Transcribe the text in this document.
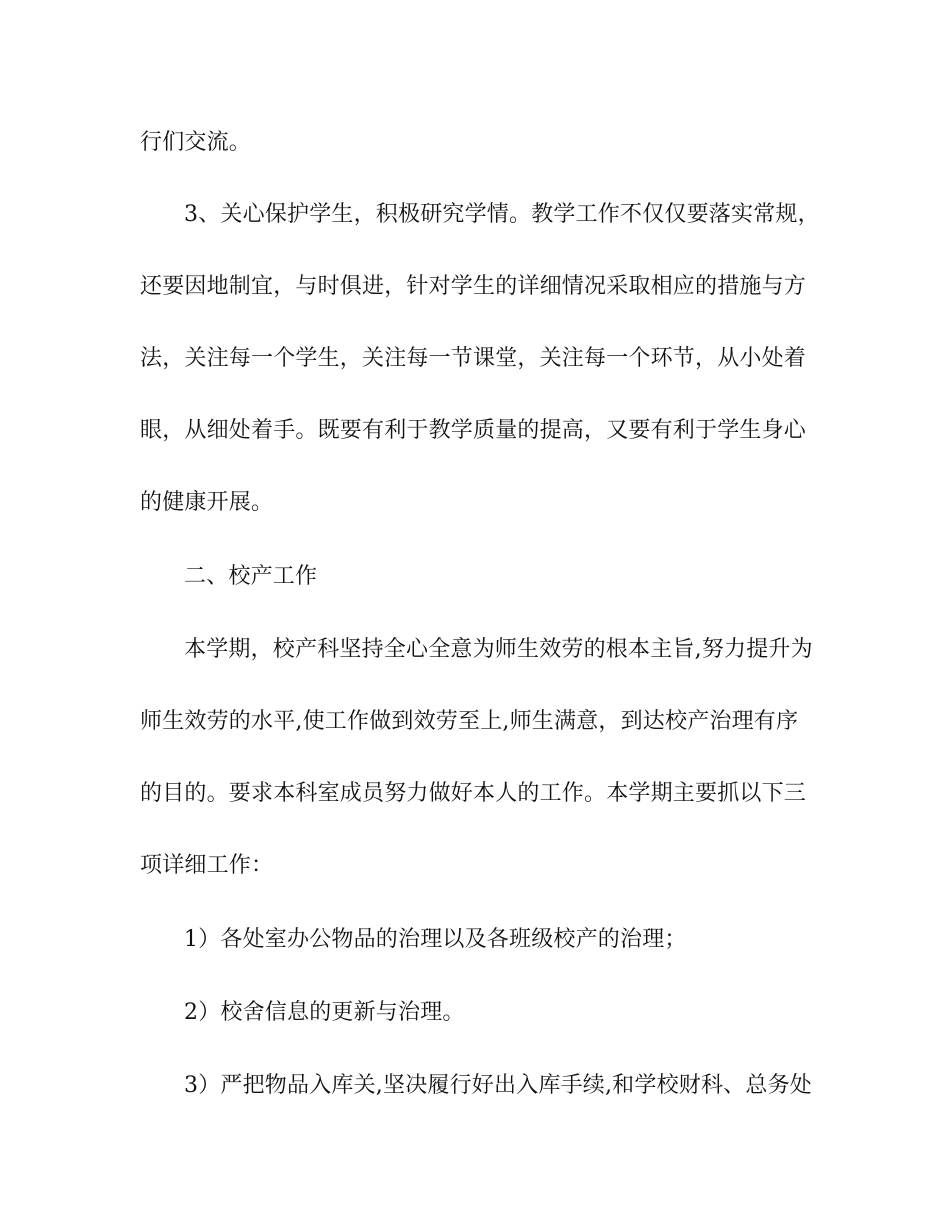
行们交流。
3、关心保护学生，积极研究学情。教学工作不仅仅要落实常规，
还要因地制宜，与时俱进，针对学生的详细情况采取相应的措施与方
法，关注每一个学生，关注每一节课堂，关注每一个环节，从小处着
眼，从细处着手。既要有利于教学质量的提高，又要有利于学生身心
的健康开展。
二、校产工作
本学期，校产科坚持全心全意为师生效劳的根本主旨,努力提升为
师生效劳的水平,使工作做到效劳至上,师生满意，到达校产治理有序
的目的。要求本科室成员努力做好本人的工作。本学期主要抓以下三
项详细工作：
1）各处室办公物品的治理以及各班级校产的治理；
2）校舍信息的更新与治理。
3）严把物品入库关,坚决履行好出入库手续,和学校财科、总务处
